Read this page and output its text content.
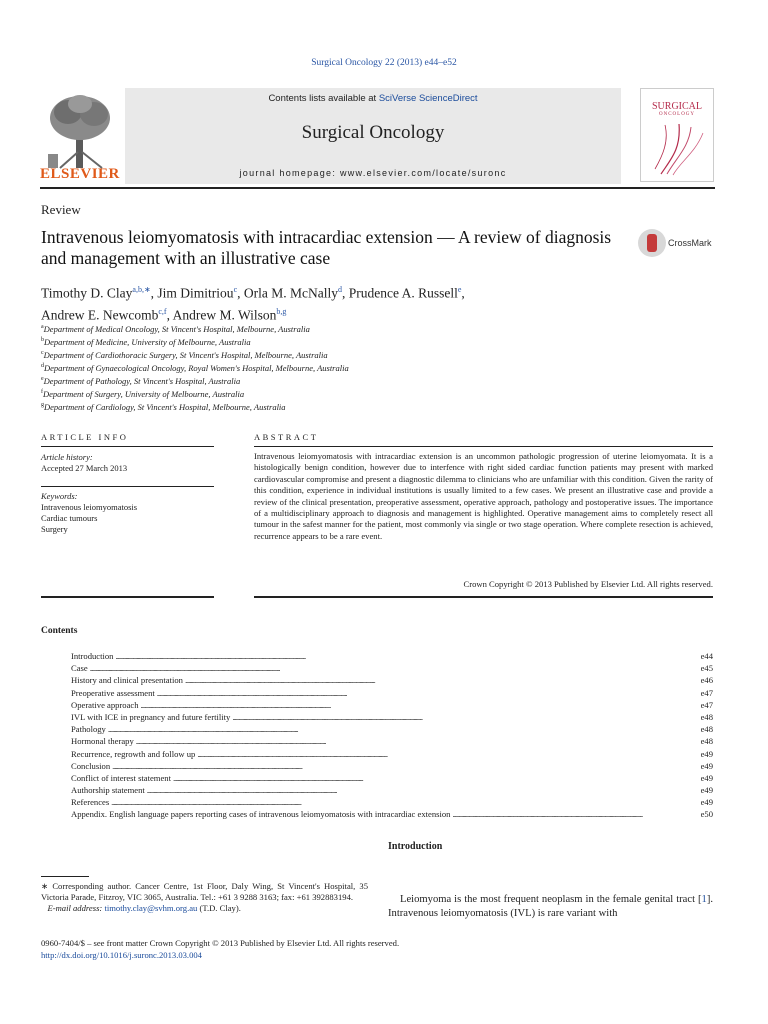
Surgical Oncology 22 (2013) e44–e52
ELSEVIER
Contents lists available at SciVerse ScienceDirect
Surgical Oncology
journal homepage: www.elsevier.com/locate/suronc
SURGICAL
ONCOLOGY
Review
Intravenous leiomyomatosis with intracardiac extension — A review of diagnosis and management with an illustrative case
CrossMark
Timothy D. Clay$^{a,b,∗}$, Jim Dimitriou$^c$, Orla M. McNally$^d$, Prudence A. Russell$^e$,
Andrew E. Newcomb$^{c,f}$, Andrew M. Wilson$^{b,g}$
$^a$Department of Medical Oncology, St Vincent's Hospital, Melbourne, Australia
$^b$Department of Medicine, University of Melbourne, Australia
$^c$Department of Cardiothoracic Surgery, St Vincent's Hospital, Melbourne, Australia
$^d$Department of Gynaecological Oncology, Royal Women's Hospital, Melbourne, Australia
$^e$Department of Pathology, St Vincent's Hospital, Australia
$^f$Department of Surgery, University of Melbourne, Australia
$^g$Department of Cardiology, St Vincent's Hospital, Melbourne, Australia
ARTICLE INFO	ABSTRACT
Article history:
Accepted 27 March 2013
Keywords:
Intravenous leiomyomatosis
Cardiac tumours
Surgery
Intravenous leiomyomatosis with intracardiac extension is an uncommon pathologic progression of uterine leiomyomata. It is a histologically benign condition, however due to interfence with right sided cardiac function patients may present with marked cardiovascular compromise and present a diagnostic dilemma to clinicians who are unfamiliar with this condition. Given the rarity of this condition, experience in individual institutions is usually limited to a few cases. We present an illustrative case and provide a review of the clinical presentation, preoperative assessment, operative approach, pathology and postoperative issues. The importance of a multidisciplinary approach to diagnosis and management is highlighted. Operative management aims to completely resect all tumour in the safest manner for the patient, most commonly via single or two stage operation. Where complete resection is achieved, recurrence appears to be a rare event.
Crown Copyright © 2013 Published by Elsevier Ltd. All rights reserved.
Contents
Introduction . . .	e44
Case . . .	e45
History and clinical presentation . . .	e46
Preoperative assessment . . .	e47
Operative approach . . .	e47
IVL with ICE in pregnancy and future fertility . . .	e48
Pathology . . .	e48
Hormonal therapy . . .	e48
Recurrence, regrowth and follow up . . .	e49
Conclusion . . .	e49
Conflict of interest statement . . .	e49
Authorship statement . . .	e49
References . . .	e49
Appendix. English language papers reporting cases of intravenous leiomyomatosis with intracardiac extension . . .	e50
Introduction
Leiomyoma is the most frequent neoplasm in the female genital tract [1]. Intravenous leiomyomatosis (IVL) is rare variant with
∗ Corresponding author. Cancer Centre, 1st Floor, Daly Wing, St Vincent's Hospital, 35 Victoria Parade, Fitzroy, VIC 3065, Australia. Tel.: +61 3 9288 3163; fax: +61 392883194.
E-mail address: timothy.clay@svhm.org.au (T.D. Clay).
0960-7404/$ – see front matter Crown Copyright © 2013 Published by Elsevier Ltd. All rights reserved.
http://dx.doi.org/10.1016/j.suronc.2013.03.004
